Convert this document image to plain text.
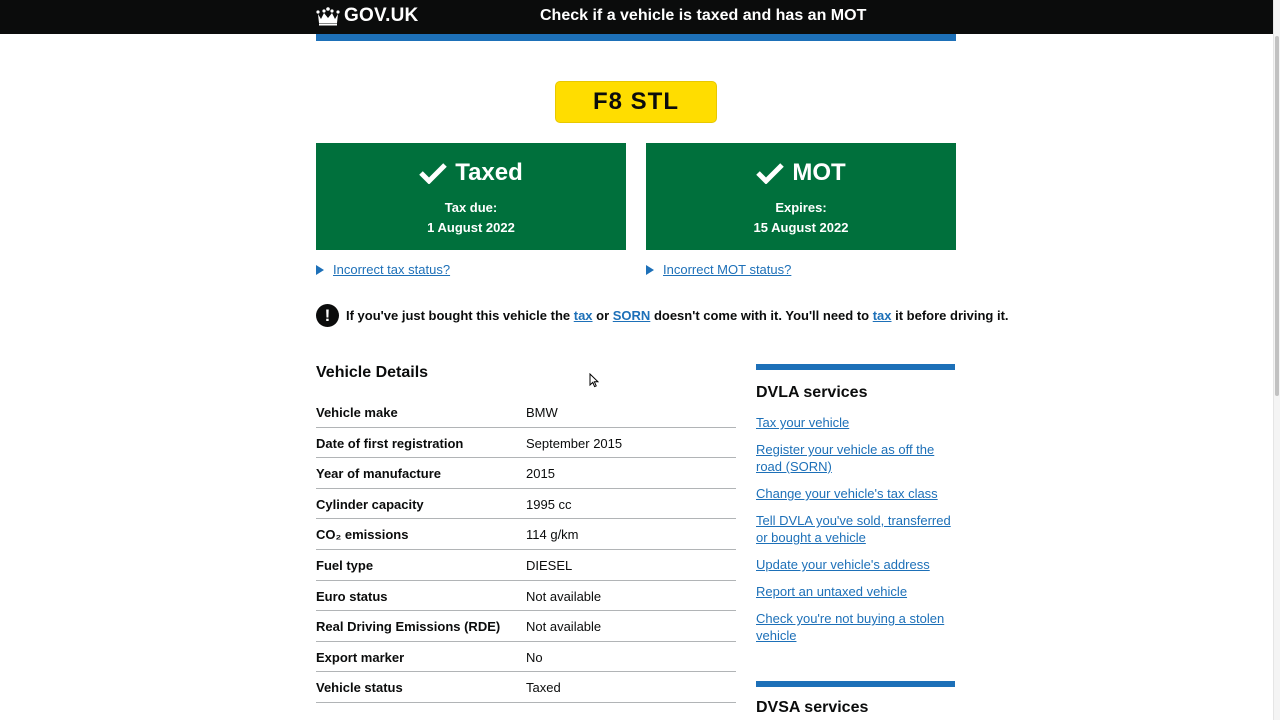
GOV.UK	Check if a vehicle is taxed and has an MOT
F8 STL
Taxed
Tax due:
1 August 2022
MOT
Expires:
15 August 2022
Incorrect tax status?	Incorrect MOT status?
!	If you've just bought this vehicle the tax or SORN doesn't come with it. You'll need to tax it before driving it.
Vehicle Details
Vehicle make	BMW
Date of first registration	September 2015
Year of manufacture	2015
Cylinder capacity	1995 cc
CO₂ emissions	114 g/km
Fuel type	DIESEL
Euro status	Not available
Real Driving Emissions (RDE) Not available
Export marker	No
Vehicle status	Taxed
DVLA services
Tax your vehicle
Register your vehicle as off the road (SORN)
Change your vehicle's tax class
Tell DVLA you've sold, transferred or bought a vehicle
Update your vehicle's address
Report an untaxed vehicle
Check you're not buying a stolen vehicle
DVSA services
